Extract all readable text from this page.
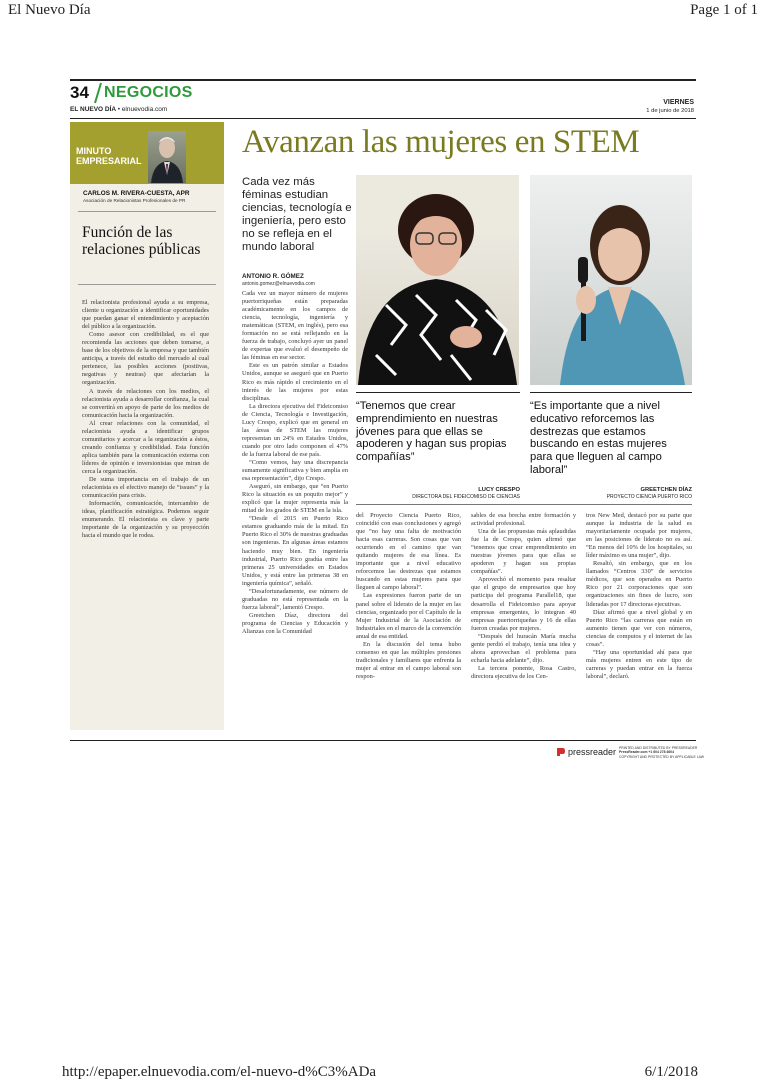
El Nuevo Día	Page 1 of 1
34 NEGOCIOS
EL NUEVO DÍA • elnuevodia.com
VIERNES
1 de junio de 2018
MINUTO
EMPRESARIAL
CARLOS M. RIVERA-CUESTA, APR
Asociación de Relacionistas Profesionales de PR
Función de las relaciones públicas

El relacionista profesional ayuda a su empresa, cliente u organización a identificar oportunidades que puedan ganar el entendimiento y aceptación del público a la organización.

Como asesor con credibilidad, es el que recomienda las acciones que deben tomarse, a base de los objetivos de la empresa y que también anticipa, a través del estudio del mercado al cual pertenece, las posibles acciones (positivas, negativas y neutras) que afectarían la organización.

A través de relaciones con los medios, el relacionista ayuda a desarrollar confianza, la cual se convertirá en apoyo de parte de los medios de comunicación hacia la organización.

Al crear relaciones con la comunidad, el relacionista ayuda a identificar grupos comunitarios y acercar a la organización a éstos, creando confianza y credibilidad. Esta función aplica también para la comunicación externa con líderes de opinión e inversionistas que miran de cerca la organización.

De suma importancia en el trabajo de un relacionista es el efectivo manejo de “issues” y la comunicación para crisis.

Información, comunicación, intercambio de ideas, planificación estratégica. Podemos seguir enumerando. El relacionista es clave y parte importante de la organización y su proyección hacia el mundo que le rodea.

Avanzan las mujeres en STEM
Cada vez más féminas estudian ciencias, tecnología e ingeniería, pero esto no se refleja en el mundo laboral
ANTONIO R. GÓMEZ
antonio.gomez@elnuevodia.com

Cada vez un mayor número de mujeres puertorriqueñas están preparadas académicamente en los campos de ciencia, tecnología, ingeniería y matemáticas (STEM, en inglés), pero esa formación no se está reflejando en la fuerza de trabajo, concluyó ayer un panel de expertas que evaluó el desempeño de las féminas en ese sector.

Este es un patrón similar a Estados Unidos, aunque se aseguró que en Puerto Rico es más rápido el crecimiento en el interés de las mujeres por estas disciplinas.

La directora ejecutiva del Fideicomiso de Ciencia, Tecnología e Investigación, Lucy Crespo, explicó que en general en las áreas de STEM las mujeres representan un 24% en Estados Unidos, cuando por otro lado componen el 47% de la fuerza laboral de ese país.

“Como vemos, hay una discrepancia sumamente significativa y bien amplia en esa representación”, dijo Crespo.

Aseguró, sin embargo, que “en Puerto Rico la situación es un poquito mejor” y explicó que la mujer representa más la mitad de los grados de STEM en la isla.

“Desde el 2015 en Puerto Rico estamos graduando más de la mitad. En Puerto Rico el 30% de nuestras graduadas son ingenieras. En algunas áreas estamos haciendo muy bien. En ingeniería industrial, Puerto Rico gradúa entre las primeras 25 universidades en Estados Unidos, y está entre las primeras 38 en ingeniería química”, señaló.

“Desafortunadamente, ese número de graduadas no está representada en la fuerza laboral”, lamentó Crespo.

Greetchen Díaz, directora del programa de Ciencias y Educación y Alianzas con la Comunidad

“Tenemos que crear emprendimiento en nuestras jóvenes para que ellas se apoderen y hagan sus propias compañías”
LUCY CRESPO
DIRECTORA DEL FIDEICOMISO DE CIENCIAS
“Es importante que a nivel educativo reforcemos las destrezas que estamos buscando en estas mujeres para que lleguen al campo laboral”
GREETCHEN DÍAZ
PROYECTO CIENCIA PUERTO RICO

del Proyecto Ciencia Puerto Rico, coincidió con esas conclusiones y agregó que “no hay una falta de motivación hacia esas carreras. Son cosas que van ocurriendo en el camino que van quitando mujeres de esa línea. Es importante que a nivel educativo reforcemos las destrezas que estamos buscando en estas mujeres para que lleguen al campo laboral”.

Las expresiones fueron parte de un panel sobre el liderato de la mujer en las ciencias, organizado por el Capítulo de la Mujer Industrial de la Asociación de Industriales en el marco de la convención anual de esa entidad.

En la discusión del tema hubo consenso en que las múltiples presiones tradicionales y familiares que enfrenta la mujer al entrar en el campo laboral son respon-

sables de esa brecha entre formación y actividad profesional.

Una de las propuestas más aplaudidas fue la de Crespo, quien afirmó que “tenemos que crear emprendimiento en nuestras jóvenes para que ellas se apoderen y hagan sus propias compañías”.

Aprovechó el momento para resaltar que el grupo de empresarios que hoy participa del programa Parallel18, que desarrolla el Fideicomiso para apoyar empresas emergentes, lo integran 40 empresas puertorriqueñas y 16 de ellas fueron creadas por mujeres.

“Después del huracán María mucha gente perdió el trabajo, tenía una idea y ahora aprovechan el problema para echarla hacia adelante”, dijo.

La tercera ponente, Rosa Castro, directora ejecutiva de los Cen-

tros New Med, destacó por su parte que aunque la industria de la salud es mayoritariamente ocupada por mujeres, en las posiciones de liderato no es así. “En menos del 10% de los hospitales, su líder máximo es una mujer”, dijo.

Resaltó, sin embargo, que en los llamados “Centros 330” de servicios médicos, que son operados en Puerto Rico por 21 corporaciones que son organizaciones sin fines de lucro, son lideradas por 17 directoras ejecutivas.

Díaz afirmó que a nivel global y en Puerto Rico “las carreras que están en aumento tienen que ver con números, ciencias de computos y el internet de las cosas”.

“Hay una oportunidad ahí para que más mujeres entren en este tipo de carreras y puedan entrar en la fuerza laboral”, declaró.

pressreader PRINTED AND DISTRIBUTED BY PRESSREADER
PressReader.com +1 604 278 4604
COPYRIGHT AND PROTECTED BY APPLICABLE LAW
http://epaper.elnuevodia.com/el-nuevo-d%C3%ADa	6/1/2018
